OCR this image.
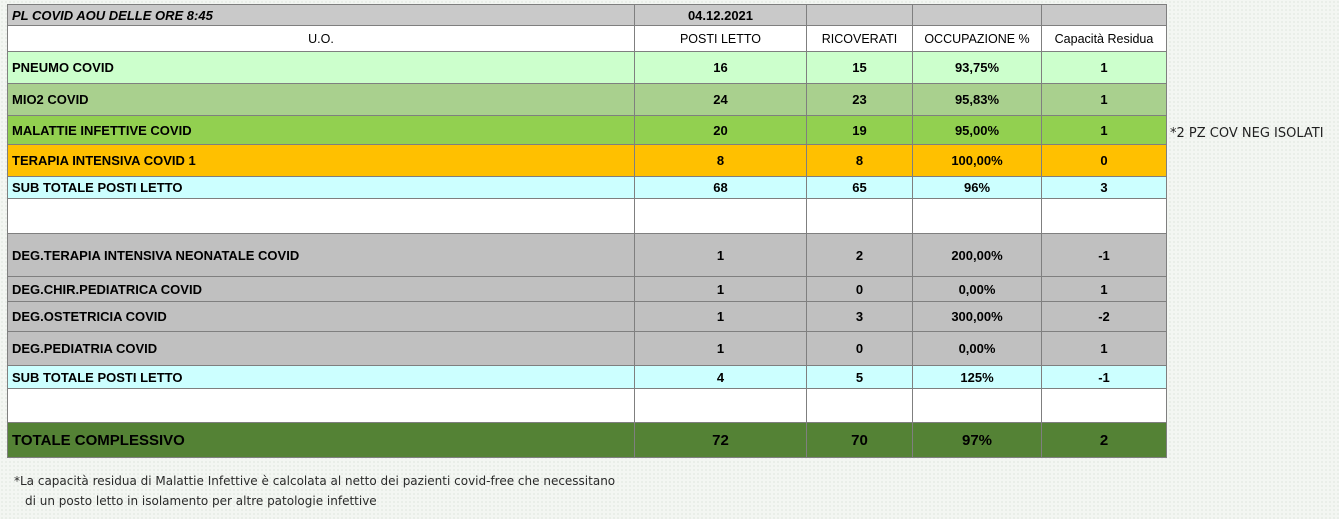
PL COVID AOU DELLE ORE 8:45	04.12.2021			
U.O.	POSTI LETTO	RICOVERATI	OCCUPAZIONE %	Capacità Residua
PNEUMO COVID	16	15	93,75%	1
MIO2 COVID	24	23	95,83%	1
MALATTIE INFETTIVE COVID	20	19	95,00%	1
TERAPIA INTENSIVA COVID 1	8	8	100,00%	0
SUB TOTALE POSTI LETTO	68	65	96%	3

DEG.TERAPIA INTENSIVA NEONATALE COVID	1	2	200,00%	-1
DEG.CHIR.PEDIATRICA COVID	1	0	0,00%	1
DEG.OSTETRICIA COVID	1	3	300,00%	-2
DEG.PEDIATRIA COVID	1	0	0,00%	1
SUB TOTALE POSTI LETTO	4	5	125%	-1

TOTALE COMPLESSIVO	72	70	97%	2
*2 PZ COV NEG ISOLATI
*La capacità residua di Malattie Infettive è calcolata al netto dei pazienti covid-free che necessitano
di un posto letto in isolamento per altre patologie infettive
